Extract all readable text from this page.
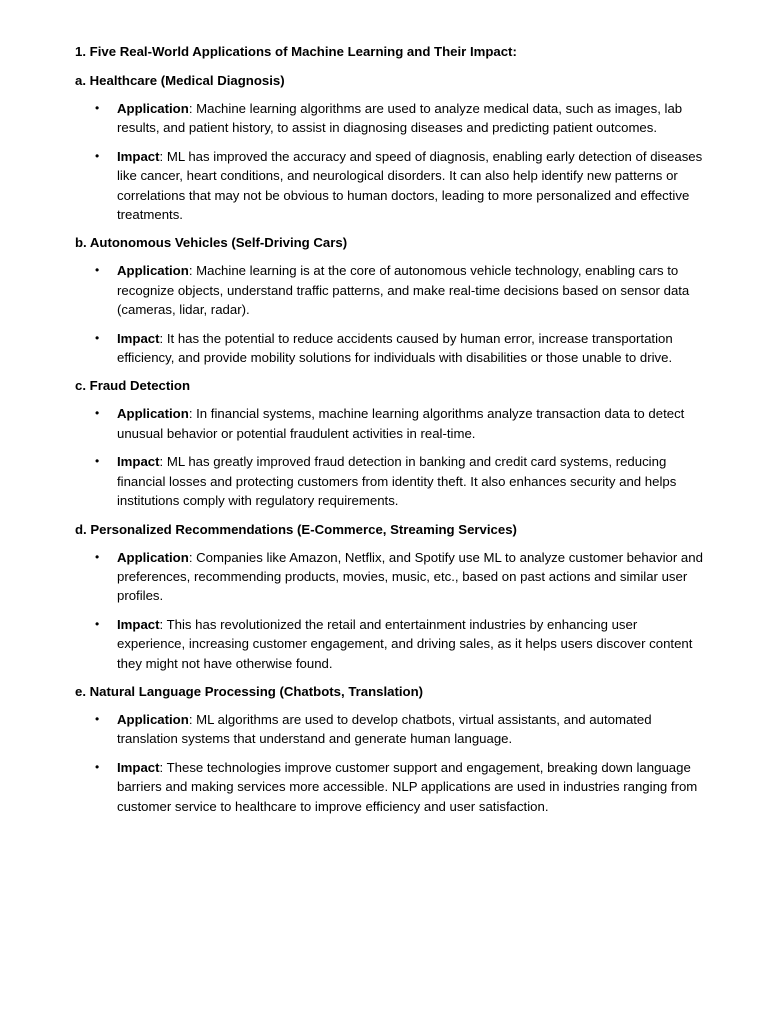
1. Five Real-World Applications of Machine Learning and Their Impact:
a. Healthcare (Medical Diagnosis)
•	Application: Machine learning algorithms are used to analyze medical data, such as images, lab results, and patient history, to assist in diagnosing diseases and predicting patient outcomes.
•	Impact: ML has improved the accuracy and speed of diagnosis, enabling early detection of diseases like cancer, heart conditions, and neurological disorders. It can also help identify new patterns or correlations that may not be obvious to human doctors, leading to more personalized and effective treatments.
b. Autonomous Vehicles (Self-Driving Cars)
•	Application: Machine learning is at the core of autonomous vehicle technology, enabling cars to recognize objects, understand traffic patterns, and make real-time decisions based on sensor data (cameras, lidar, radar).
•	Impact: It has the potential to reduce accidents caused by human error, increase transportation efficiency, and provide mobility solutions for individuals with disabilities or those unable to drive.
c. Fraud Detection
•	Application: In financial systems, machine learning algorithms analyze transaction data to detect unusual behavior or potential fraudulent activities in real-time.
•	Impact: ML has greatly improved fraud detection in banking and credit card systems, reducing financial losses and protecting customers from identity theft. It also enhances security and helps institutions comply with regulatory requirements.
d. Personalized Recommendations (E-Commerce, Streaming Services)
•	Application: Companies like Amazon, Netflix, and Spotify use ML to analyze customer behavior and preferences, recommending products, movies, music, etc., based on past actions and similar user profiles.
•	Impact: This has revolutionized the retail and entertainment industries by enhancing user experience, increasing customer engagement, and driving sales, as it helps users discover content they might not have otherwise found.
e. Natural Language Processing (Chatbots, Translation)
•	Application: ML algorithms are used to develop chatbots, virtual assistants, and automated translation systems that understand and generate human language.
•	Impact: These technologies improve customer support and engagement, breaking down language barriers and making services more accessible. NLP applications are used in industries ranging from customer service to healthcare to improve efficiency and user satisfaction.
